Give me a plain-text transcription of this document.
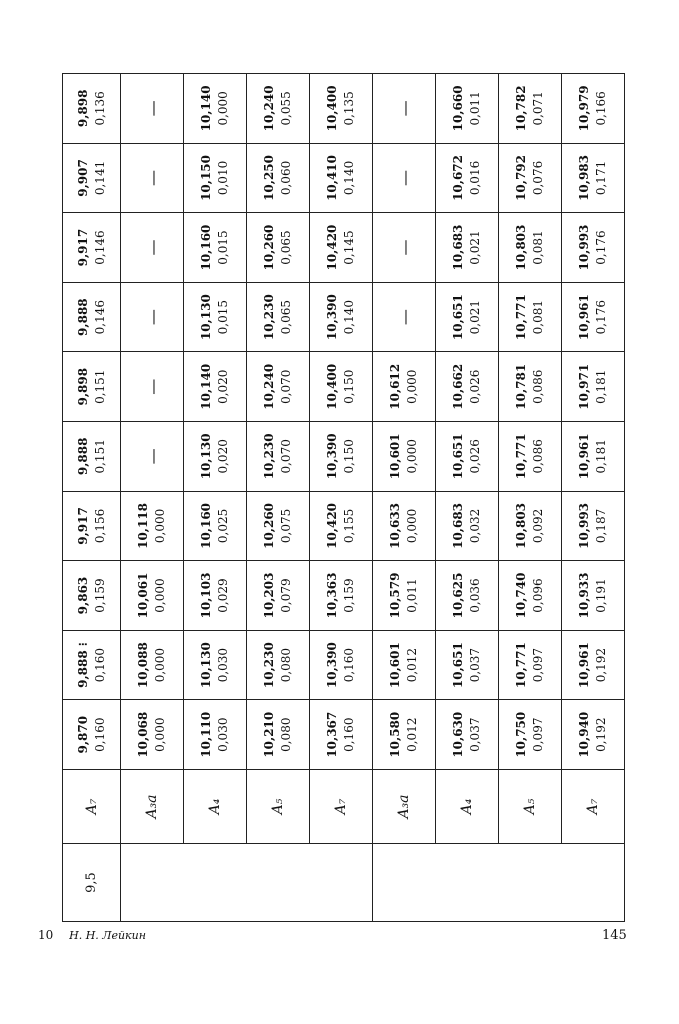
9,5	A₇	9,870 0,160	9,888 ⁝ 0,160	9,863 0,159	9,917 0,156	9,888 0,151	9,898 0,151	9,888 0,146	9,917 0,146	9,907 0,141	9,898 0,136

	A₃a	10,068 0,000	10,088 0,000	10,061 0,000	10,118 0,000	—	—	—	—	—	—
	A₄	10,110 0,030	10,130 0,030	10,103 0,029	10,160 0,025	10,130 0,020	10,140 0,020	10,130 0,015	10,160 0,015	10,150 0,010	10,140 0,000

	A₅	10,210 0,080	10,230 0,080	10,203 0,079	10,260 0,075	10,230 0,070	10,240 0,070	10,230 0,065	10,260 0,065	10,250 0,060	10,240 0,055

	A₇	10,367 0,160	10,390 0,160	10,363 0,159	10,420 0,155	10,390 0,150	10,400 0,150	10,390 0,140	10,420 0,145	10,410 0,140	10,400 0,135

	A₃a	10,580 0,012	10,601 0,012	10,579 0,011	10,633 0,000	10,601 0,000	10,612 0,000	—	—	—	—
	A₄	10,630 0,037	10,651 0,037	10,625 0,036	10,683 0,032	10,651 0,026	10,662 0,026	10,651 0,021	10,683 0,021	10,672 0,016	10,660 0,011

	A₅	10,750 0,097	10,771 0,097	10,740 0,096	10,803 0,092	10,771 0,086	10,781 0,086	10,771 0,081	10,803 0,081	10,792 0,076	10,782 0,071

	A₇	10,940 0,192	10,961 0,192	10,933 0,191	10,993 0,187	10,961 0,181	10,971 0,181	10,961 0,176	10,993 0,176	10,983 0,171	10,979 0,166
10 Н. Н. Лейкин	145
